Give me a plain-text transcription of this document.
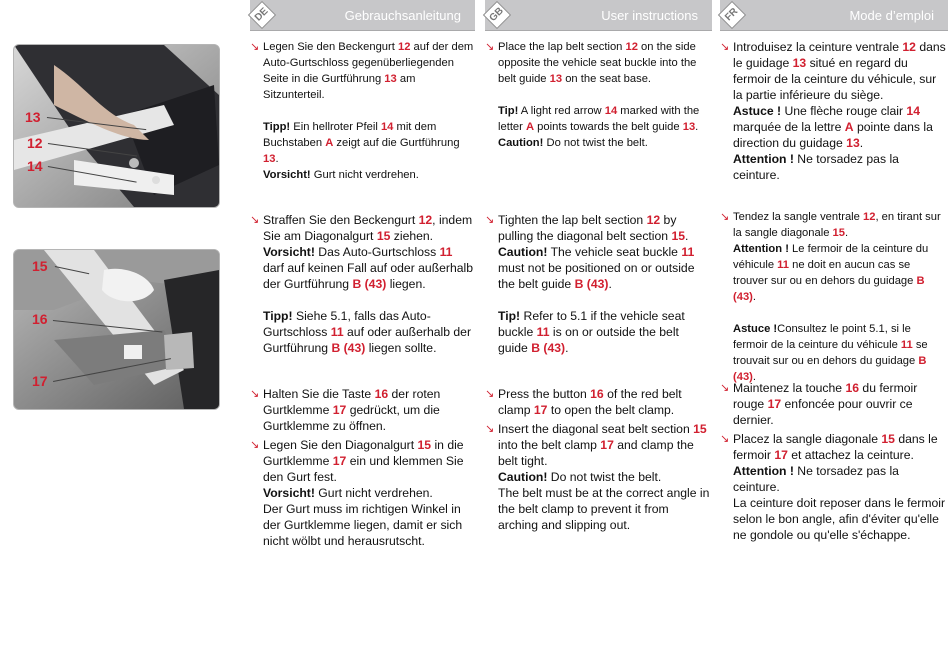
13
12
14
15
16
17
DE	Gebrauchsanleitung
↘ Legen Sie den Beckengurt 12 auf der dem Auto-Gurtschloss gegenüberliegenden Seite in die Gurtführung 13 am Sitzunterteil.
Tipp! Ein hellroter Pfeil 14 mit dem Buchstaben A zeigt auf die Gurtführung 13.
Vorsicht! Gurt nicht verdrehen.
↘ Straffen Sie den Beckengurt 12, indem Sie am Diagonalgurt 15 ziehen.
Vorsicht! Das Auto-Gurtschloss 11 darf auf keinen Fall auf oder außerhalb der Gurtführung B (43) liegen.
Tipp! Siehe 5.1, falls das Auto-Gurtschloss 11 auf oder außerhalb der Gurtführung B (43) liegen sollte.
↘ Halten Sie die Taste 16 der roten Gurtklemme 17 gedrückt, um die Gurtklemme zu öffnen.
↘ Legen Sie den Diagonalgurt 15 in die Gurtklemme 17 ein und klemmen Sie den Gurt fest.
Vorsicht! Gurt nicht verdrehen.
Der Gurt muss im richtigen Winkel in der Gurtklemme liegen, damit er sich nicht wölbt und herausrutscht.
GB	User instructions
↘ Place the lap belt section 12 on the side opposite the vehicle seat buckle into the belt guide 13 on the seat base.
Tip! A light red arrow 14 marked with the letter A points towards the belt guide 13.
Caution! Do not twist the belt.
↘ Tighten the lap belt section 12 by pulling the diagonal belt section 15.
Caution! The vehicle seat buckle 11 must not be positioned on or outside the belt guide B (43).
Tip! Refer to 5.1 if the vehicle seat buckle 11 is on or outside the belt guide B (43).
↘ Press the button 16 of the red belt clamp 17 to open the belt clamp.
↘ Insert the diagonal seat belt section 15 into the belt clamp 17 and clamp the belt tight.
Caution! Do not twist the belt.
The belt must be at the correct angle in the belt clamp to prevent it from arching and slipping out.
FR	Mode d’emploi
↘ Introduisez la ceinture ventrale 12 dans le guidage 13 situé en regard du fermoir de la ceinture du véhicule, sur la partie inférieure du siège.
Astuce ! Une flèche rouge clair 14 marquée de la lettre A pointe dans la direction du guidage 13.
Attention ! Ne torsadez pas la ceinture.
↘ Tendez la sangle ventrale 12, en tirant sur la sangle diagonale 15.
Attention ! Le fermoir de la ceinture du véhicule 11 ne doit en aucun cas se trouver sur ou en dehors du guidage B (43).
Astuce !Consultez le point 5.1, si le fermoir de la ceinture du véhicule 11 se trouvait sur ou en dehors du guidage B (43).
↘ Maintenez la touche 16 du fermoir rouge 17 enfoncée pour ouvrir ce dernier.
↘ Placez la sangle diagonale 15 dans le fermoir 17 et attachez la ceinture.
Attention ! Ne torsadez pas la ceinture.
La ceinture doit reposer dans le fermoir selon le bon angle, afin d'éviter qu'elle ne gondole ou qu'elle s'échappe.
